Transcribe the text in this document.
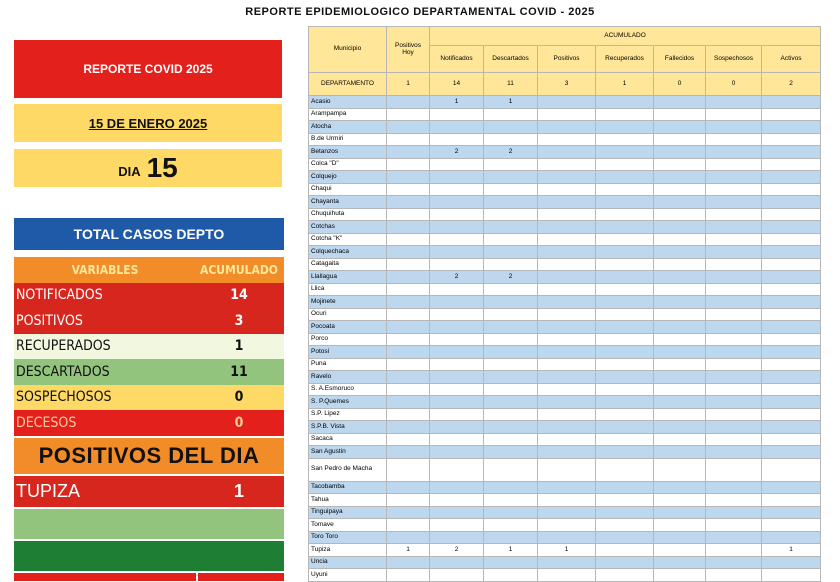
REPORTE EPIDEMIOLOGICO DEPARTAMENTAL COVID - 2025
REPORTE COVID 2025
15 DE ENERO 2025
DIA 15
TOTAL CASOS DEPTO
VARIABLES	ACUMULADO
NOTIFICADOS	14
POSITIVOS	3
RECUPERADOS	1
DESCARTADOS	11
SOSPECHOSOS	0
DECESOS	0
POSITIVOS DEL DIA
TUPIZA	1
Municipio	Positivos Hoy	ACUMULADO						
		Notificados	Descartados	Positivos	Recuperados	Fallecidos	Sospechosos	Activos
DEPARTAMENTO	1	14	11	3	1	0	0	2
Acasio		1	1					
Arampampa								
Atocha								
B.de Urmiri								
Betanzos		2	2					
Colca "D"								
Colquejo								
Chaqui								
Chayanta								
Chuquihuta								
Cotchas								
Cotcha "K"								
Colquechaca								
Catagaita								
Llallagua		2	2					
Llica								
Mojinete								
Ocuri								
Pocoata								
Porco								
Potosí								
Puna								
Ravelo								
S. A.Esmoruco								
S. P.Quemes								
S.P. Lipez								
S.P.B. Vista								
Sacaca								
San Agustin								
San Pedro de Macha								
Tacobamba								
Tahua								
Tinguipaya								
Tomave								
Toro Toro								
Tupiza	1	2	1	1				1
Uncia								
Uyuni								
